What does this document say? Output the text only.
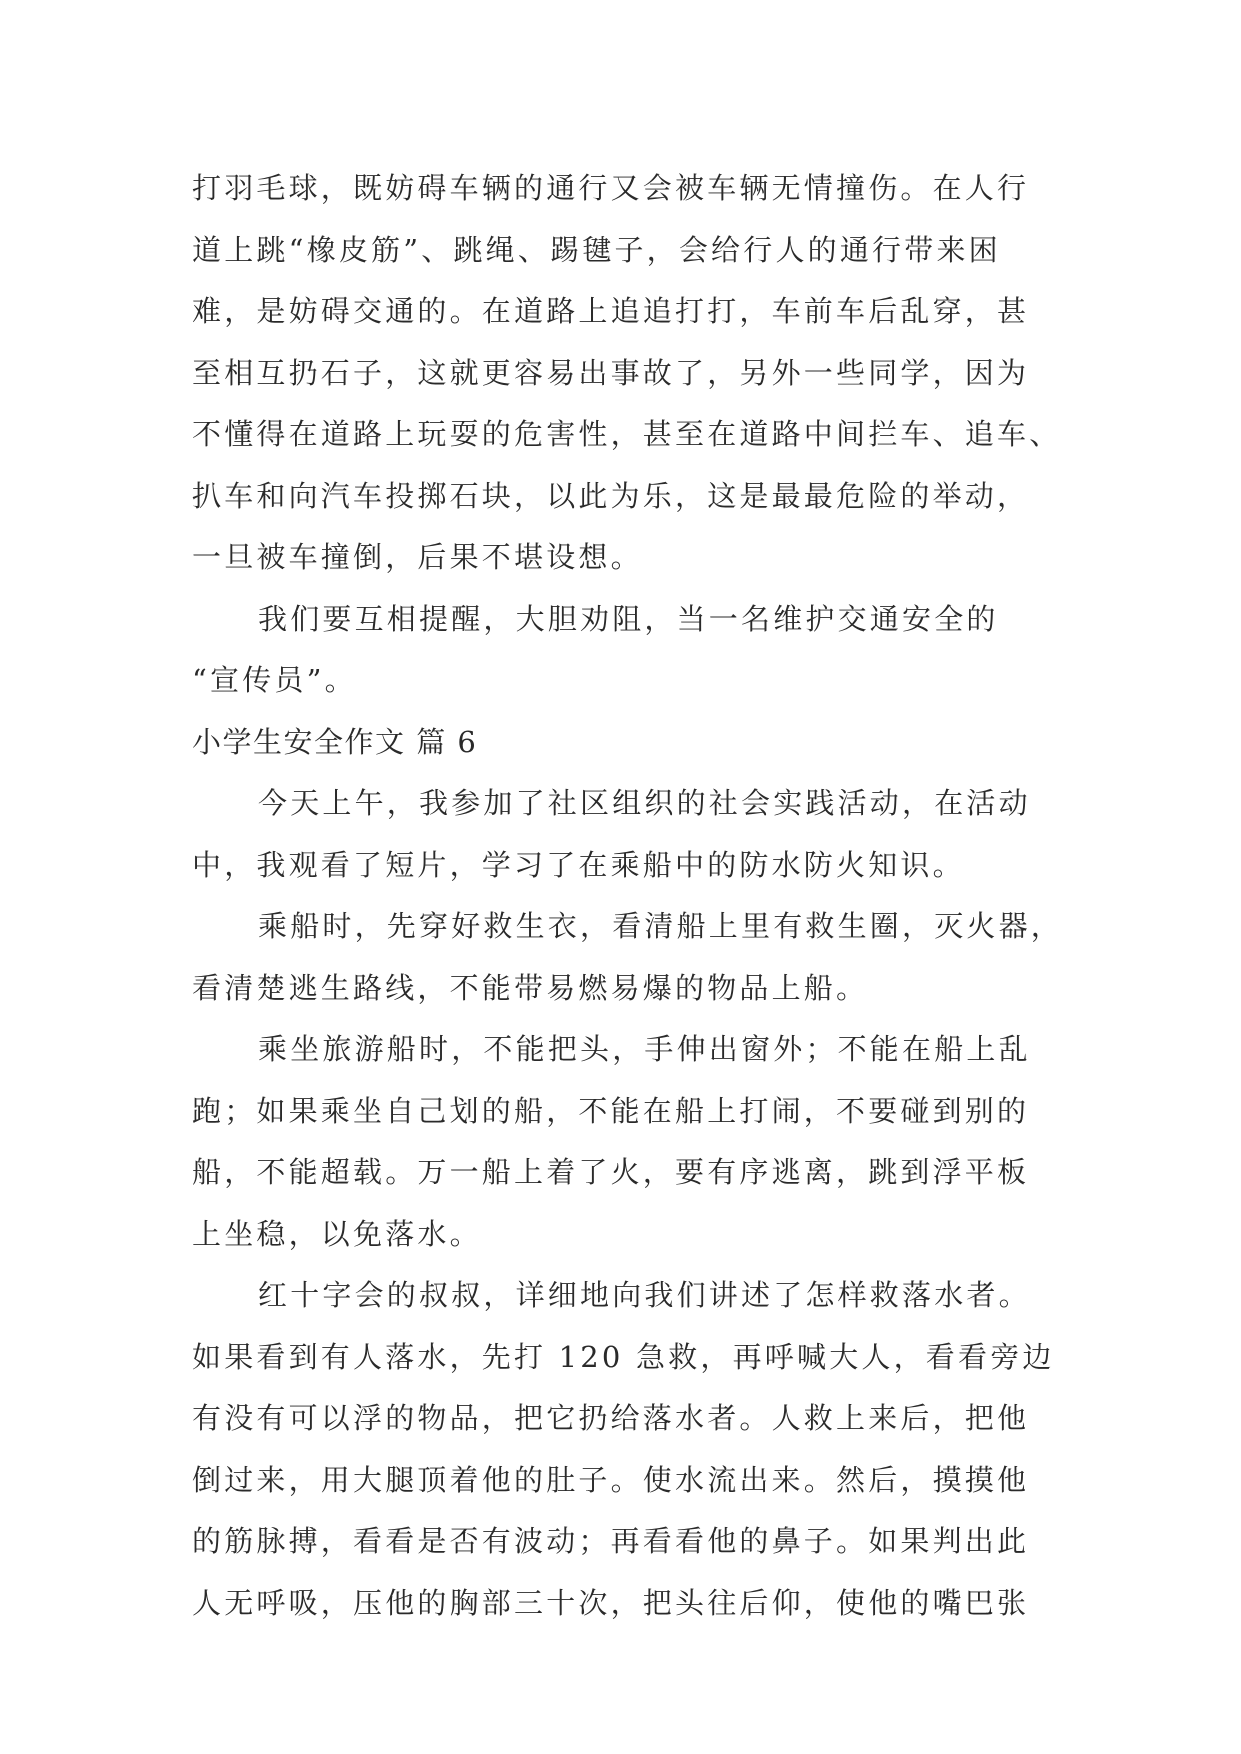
打羽毛球，既妨碍车辆的通行又会被车辆无情撞伤。在人行
道上跳“橡皮筋”、跳绳、踢毽子，会给行人的通行带来困
难，是妨碍交通的。在道路上追追打打，车前车后乱穿，甚
至相互扔石子，这就更容易出事故了，另外一些同学，因为
不懂得在道路上玩耍的危害性，甚至在道路中间拦车、追车、
扒车和向汽车投掷石块，以此为乐，这是最最危险的举动，
一旦被车撞倒，后果不堪设想。
我们要互相提醒，大胆劝阻，当一名维护交通安全的
“宣传员”。
小学生安全作文 篇 6
今天上午，我参加了社区组织的社会实践活动，在活动
中，我观看了短片，学习了在乘船中的防水防火知识。
乘船时，先穿好救生衣，看清船上里有救生圈，灭火器，
看清楚逃生路线，不能带易燃易爆的物品上船。
乘坐旅游船时，不能把头，手伸出窗外；不能在船上乱
跑；如果乘坐自己划的船，不能在船上打闹，不要碰到别的
船，不能超载。万一船上着了火，要有序逃离，跳到浮平板
上坐稳，以免落水。
红十字会的叔叔，详细地向我们讲述了怎样救落水者。
如果看到有人落水，先打 120 急救，再呼喊大人，看看旁边
有没有可以浮的物品，把它扔给落水者。人救上来后，把他
倒过来，用大腿顶着他的肚子。使水流出来。然后，摸摸他
的筋脉搏，看看是否有波动；再看看他的鼻子。如果判出此
人无呼吸，压他的胸部三十次，把头往后仰，使他的嘴巴张
